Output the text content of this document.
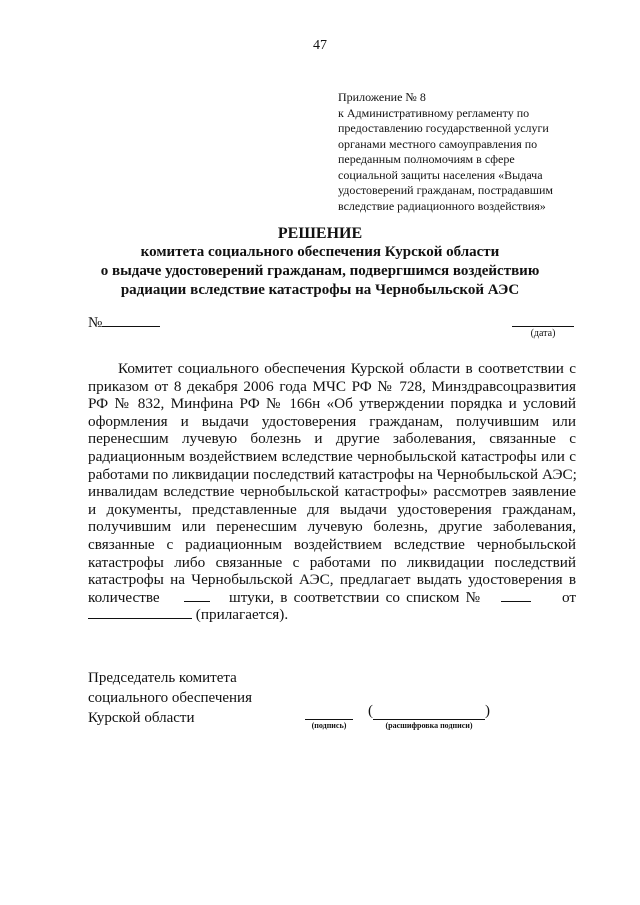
47
Приложение № 8
к Административному регламенту по
предоставлению государственной услуги
органами местного самоуправления по
переданным полномочиям в сфере
социальной защиты населения «Выдача
удостоверений гражданам, пострадавшим
вследствие радиационного воздействия»
РЕШЕНИЕ
комитета социального обеспечения Курской области
о выдаче удостоверений гражданам, подвергшимся воздействию
радиации вследствие катастрофы на Чернобыльской АЭС
№
(дата)
Комитет социального обеспечения Курской области в соответствии с
приказом от 8 декабря 2006 года МЧС РФ № 728, Минздравсоцразвития
РФ № 832, Минфина РФ № 166н «Об утверждении порядка и условий
оформления и выдачи удостоверения гражданам, получившим или
перенесшим лучевую болезнь и другие заболевания, связанные с
радиационным воздействием вследствие чернобыльской катастрофы или с
работами по ликвидации последствий катастрофы на Чернобыльской АЭС;
инвалидам вследствие чернобыльской катастрофы» рассмотрев заявление
и документы, представленные для выдачи удостоверения гражданам,
получившим или перенесшим лучевую болезнь, другие заболевания,
связанные с радиационным воздействием вследствие чернобыльской
катастрофы либо связанные с работами по ликвидации последствий
катастрофы на Чернобыльской АЭС, предлагает выдать удостоверения в
количестве	штуки, в соответствии со списком №	от
(прилагается).
Председатель комитета
социального обеспечения
Курской области	(подпись)
(	)
(расшифровка подписи)
